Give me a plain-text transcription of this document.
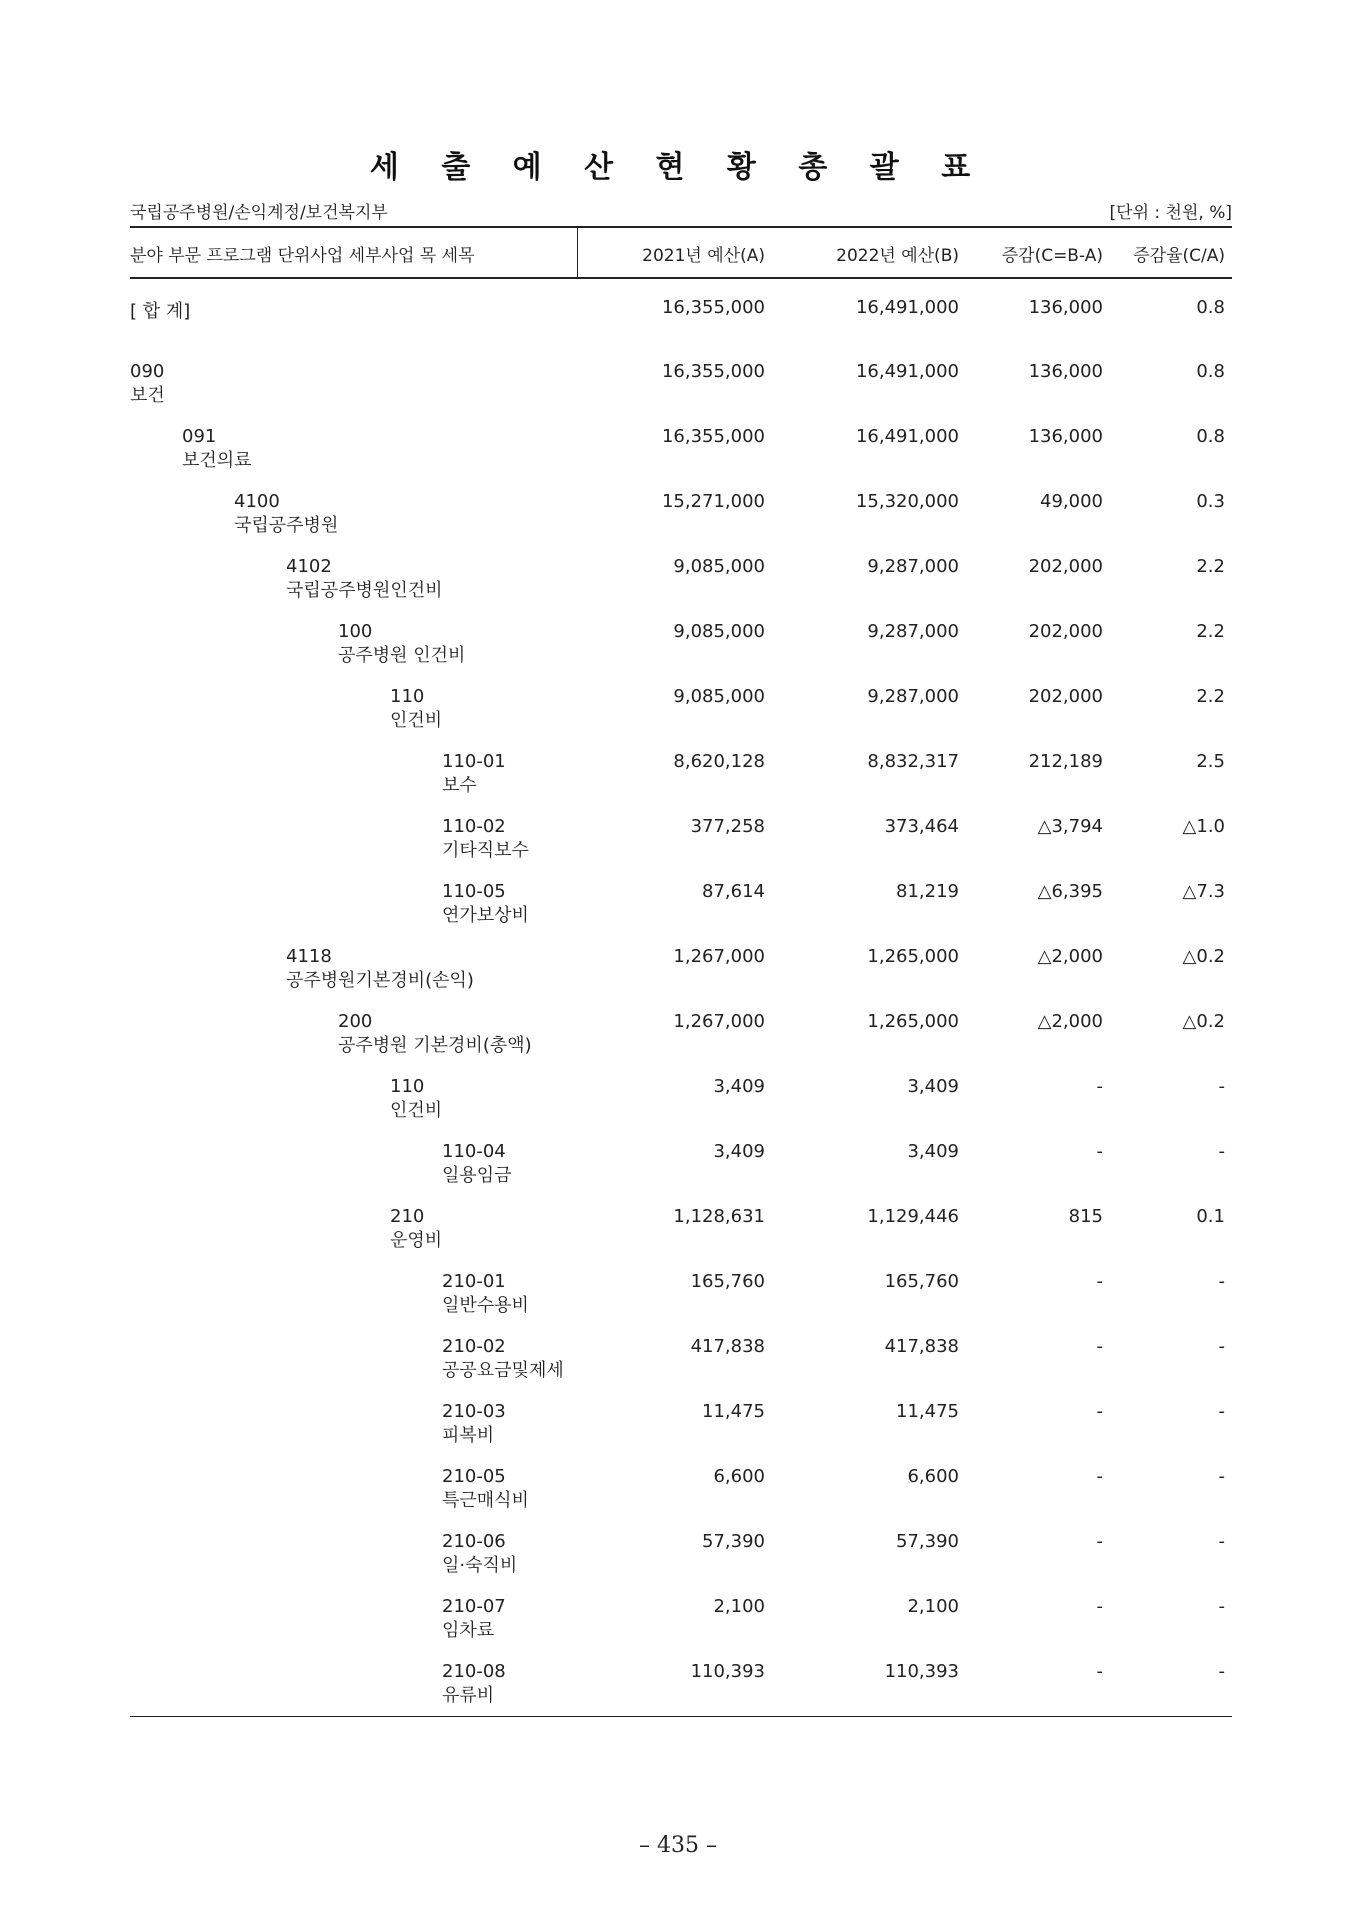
세 출 예 산 현 황 총 괄 표
국립공주병원/손익계정/보건복지부	[단위 : 천원, %]
분야 부문 프로그램 단위사업 세부사업 목 세목	2021년 예산(A)	2022년 예산(B)	증감(C=B-A) 증감율(C/A)
[ 합 계]	16,355,000	16,491,000	136,000	0.8
090
보건
16,355,000	16,491,000	136,000	0.8
091
보건의료
16,355,000	16,491,000	136,000	0.8
4100
국립공주병원
15,271,000	15,320,000	49,000	0.3
4102
국립공주병원인건비
9,085,000	9,287,000	202,000	2.2
100
공주병원 인건비
9,085,000	9,287,000	202,000	2.2
110
인건비
9,085,000	9,287,000	202,000	2.2
110-01
보수
8,620,128	8,832,317	212,189	2.5
110-02
기타직보수
377,258	373,464	△3,794	△1.0
110-05
연가보상비
87,614	81,219	△6,395	△7.3
4118
공주병원기본경비(손익)
1,267,000	1,265,000	△2,000	△0.2
200
공주병원 기본경비(총액)
1,267,000	1,265,000	△2,000	△0.2
110
인건비
3,409	3,409	-	-
110-04
일용임금
3,409	3,409	-	-
210
운영비
1,128,631	1,129,446	815	0.1
210-01
일반수용비
165,760	165,760	-	-
210-02
공공요금및제세
417,838	417,838	-	-
210-03
피복비
11,475	11,475	-	-
210-05
특근매식비
6,600	6,600	-	-
210-06
일·숙직비
57,390	57,390	-	-
210-07
임차료
2,100	2,100	-	-
210-08
유류비
110,393	110,393	-	-
– 435 –
